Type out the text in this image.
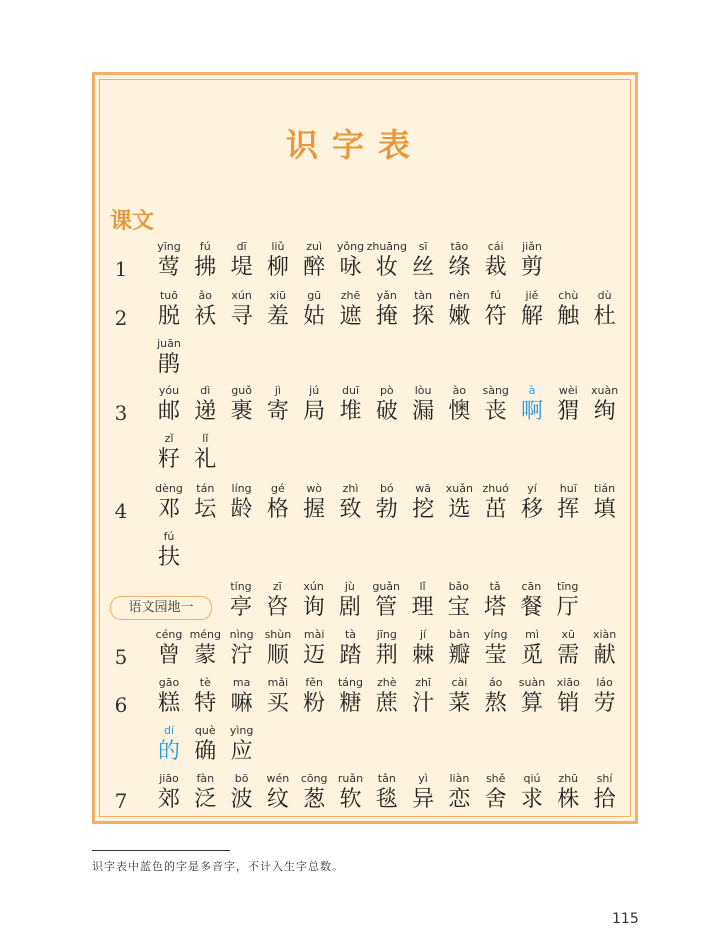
识字表
课文
1
yīng
莺
fú
拂
dī
堤
liǔ
柳
zuì
醉
yǒng
咏
zhuāng
妆
sī
丝
tāo
绦
cái
裁
jiǎn
剪
2
tuō
脱
ǎo
袄
xún
寻
xiū
羞
gū
姑
zhē
遮
yǎn
掩
tàn
探
nèn
嫩
fú
符
jiě
解
chù
触
dù
杜
juān
鹃
3
yóu
邮
dì
递
guǒ
裹
jì
寄
jú
局
duī
堆
pò
破
lòu
漏
ào
懊
sàng
丧
à
啊
wèi
猬
xuàn
绚
zǐ
籽
lǐ
礼
4
dèng
邓
tán
坛
líng
龄
gé
格
wò
握
zhì
致
bó
勃
wā
挖
xuǎn
选
zhuó
茁
yí
移
huī
挥
tián
填
fú
扶
语文园地一
tíng
亭
zī
咨
xún
询
jù
剧
guǎn
管
lǐ
理
bǎo
宝
tǎ
塔
cān
餐
tīng
厅
5
céng
曾
méng
蒙
nìng
泞
shùn
顺
mài
迈
tà
踏
jīng
荆
jí
棘
bàn
瓣
yíng
莹
mì
觅
xū
需
xiàn
献
6
gāo
糕
tè
特
ma
嘛
mǎi
买
fěn
粉
táng
糖
zhè
蔗
zhī
汁
cài
菜
áo
熬
suàn
算
xiāo
销
láo
劳
dí
的
què
确
yìng
应
7
jiāo
郊
fàn
泛
bō
波
wén
纹
cōng
葱
ruǎn
软
tǎn
毯
yì
异
liàn
恋
shě
舍
qiú
求
zhū
株
shí
拾
识字表中蓝色的字是多音字，不计入生字总数。
115
